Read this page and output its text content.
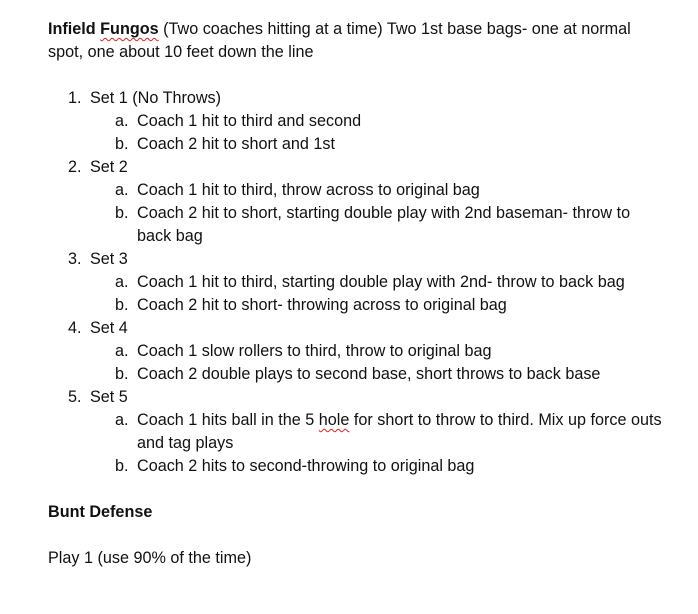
Infield Fungos (Two coaches hitting at a time) Two 1st base bags- one at normal spot, one about 10 feet down the line

1. Set 1 (No Throws)
a. Coach 1 hit to third and second
b. Coach 2 hit to short and 1st
2. Set 2
a. Coach 1 hit to third, throw across to original bag
b. Coach 2 hit to short, starting double play with 2nd baseman- throw to back bag
3. Set 3
a. Coach 1 hit to third, starting double play with 2nd- throw to back bag
b. Coach 2 hit to short- throwing across to original bag
4. Set 4
a. Coach 1 slow rollers to third, throw to original bag
b. Coach 2 double plays to second base, short throws to back base
5. Set 5
a. Coach 1 hits ball in the 5 hole for short to throw to third. Mix up force outs and tag plays
b. Coach 2 hits to second-throwing to original bag

Bunt Defense

Play 1 (use 90% of the time)
